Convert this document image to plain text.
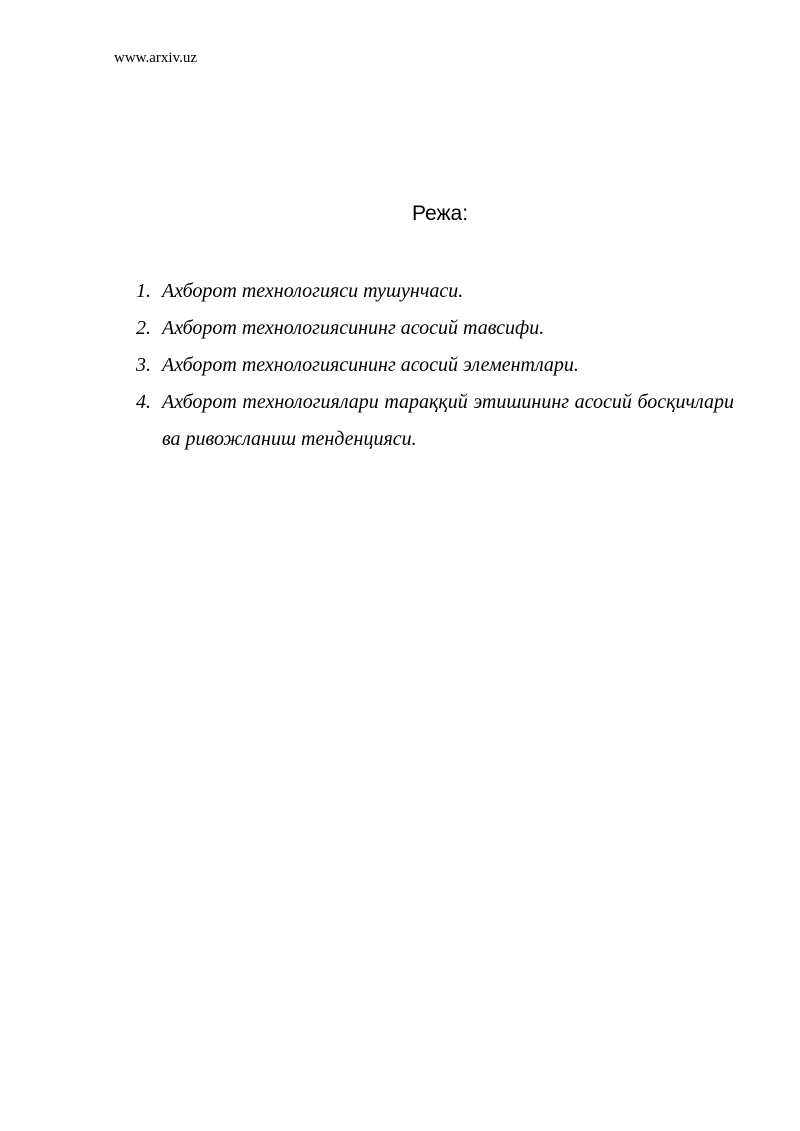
www.arxiv.uz
Режа:
1. Ахборот технологияси тушунчаси.
2. Ахборот технологиясининг асосий тавсифи.
3. Ахборот технологиясининг асосий элементлари.
4. Ахборот технологиялари тараққий этишининг асосий босқичлари ва ривожланиш тенденцияси.
